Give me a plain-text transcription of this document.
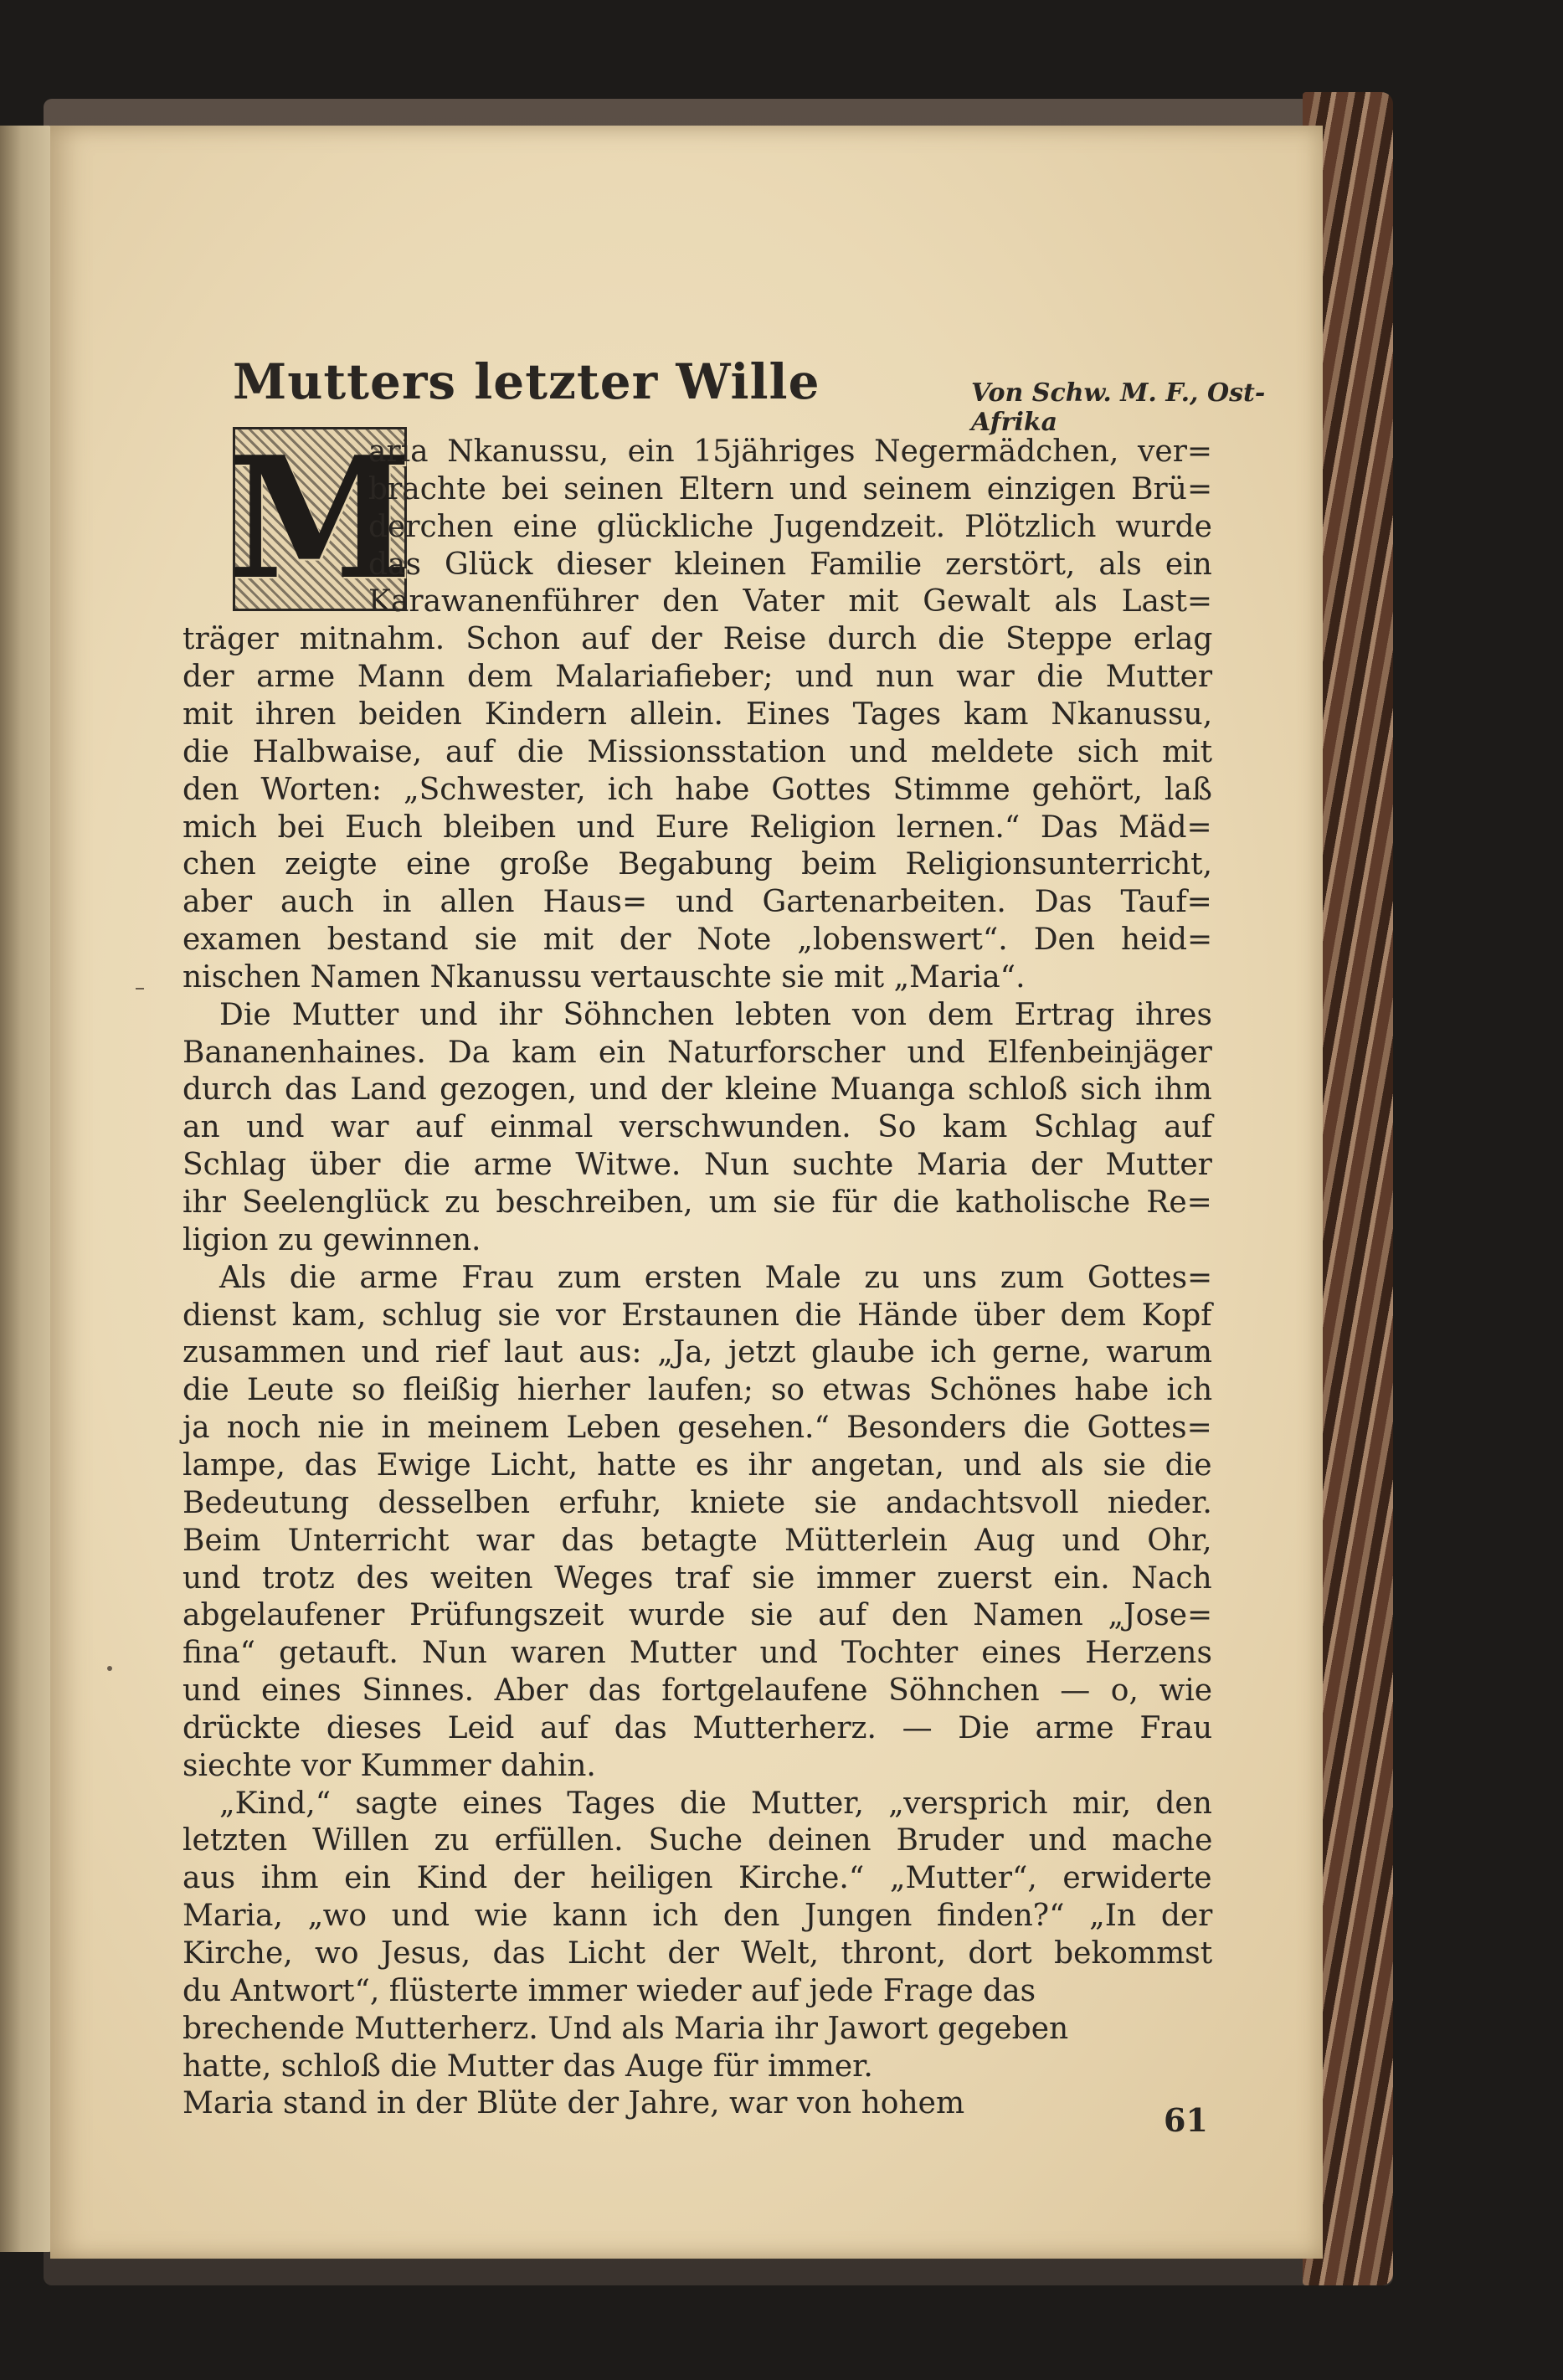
Mutters letzter Wille	Von Schw. M. F., Ost-Afrika
M
aria Nkanussu, ein 15jähriges Negermädchen, ver=
brachte bei seinen Eltern und seinem einzigen Brü=
derchen eine glückliche Jugendzeit. Plötzlich wurde
das Glück dieser kleinen Familie zerstört, als ein
Karawanenführer den Vater mit Gewalt als Last=
träger mitnahm. Schon auf der Reise durch die Steppe erlag
der arme Mann dem Malariafieber; und nun war die Mutter
mit ihren beiden Kindern allein. Eines Tages kam Nkanussu,
die Halbwaise, auf die Missionsstation und meldete sich mit
den Worten: „Schwester, ich habe Gottes Stimme gehört, laß
mich bei Euch bleiben und Eure Religion lernen.“ Das Mäd=
chen zeigte eine große Begabung beim Religionsunterricht,
aber auch in allen Haus= und Gartenarbeiten. Das Tauf=
examen bestand sie mit der Note „lobenswert“. Den heid=
nischen Namen Nkanussu vertauschte sie mit „Maria“.
Die Mutter und ihr Söhnchen lebten von dem Ertrag ihres
Bananenhaines. Da kam ein Naturforscher und Elfenbeinjäger
durch das Land gezogen, und der kleine Muanga schloß sich ihm
an und war auf einmal verschwunden. So kam Schlag auf
Schlag über die arme Witwe. Nun suchte Maria der Mutter
ihr Seelenglück zu beschreiben, um sie für die katholische Re=
ligion zu gewinnen.
Als die arme Frau zum ersten Male zu uns zum Gottes=
dienst kam, schlug sie vor Erstaunen die Hände über dem Kopf
zusammen und rief laut aus: „Ja, jetzt glaube ich gerne, warum
die Leute so fleißig hierher laufen; so etwas Schönes habe ich
ja noch nie in meinem Leben gesehen.“ Besonders die Gottes=
lampe, das Ewige Licht, hatte es ihr angetan, und als sie die
Bedeutung desselben erfuhr, kniete sie andachtsvoll nieder.
Beim Unterricht war das betagte Mütterlein Aug und Ohr,
und trotz des weiten Weges traf sie immer zuerst ein. Nach
abgelaufener Prüfungszeit wurde sie auf den Namen „Jose=
fina“ getauft. Nun waren Mutter und Tochter eines Herzens
und eines Sinnes. Aber das fortgelaufene Söhnchen — o, wie
drückte dieses Leid auf das Mutterherz. — Die arme Frau
siechte vor Kummer dahin.
„Kind,“ sagte eines Tages die Mutter, „versprich mir, den
letzten Willen zu erfüllen. Suche deinen Bruder und mache
aus ihm ein Kind der heiligen Kirche.“ „Mutter“, erwiderte
Maria, „wo und wie kann ich den Jungen finden?“ „In der
Kirche, wo Jesus, das Licht der Welt, thront, dort bekommst
du Antwort“, flüsterte immer wieder auf jede Frage das
brechende Mutterherz. Und als Maria ihr Jawort gegeben
hatte, schloß die Mutter das Auge für immer.
Maria stand in der Blüte der Jahre, war von hohem	61
